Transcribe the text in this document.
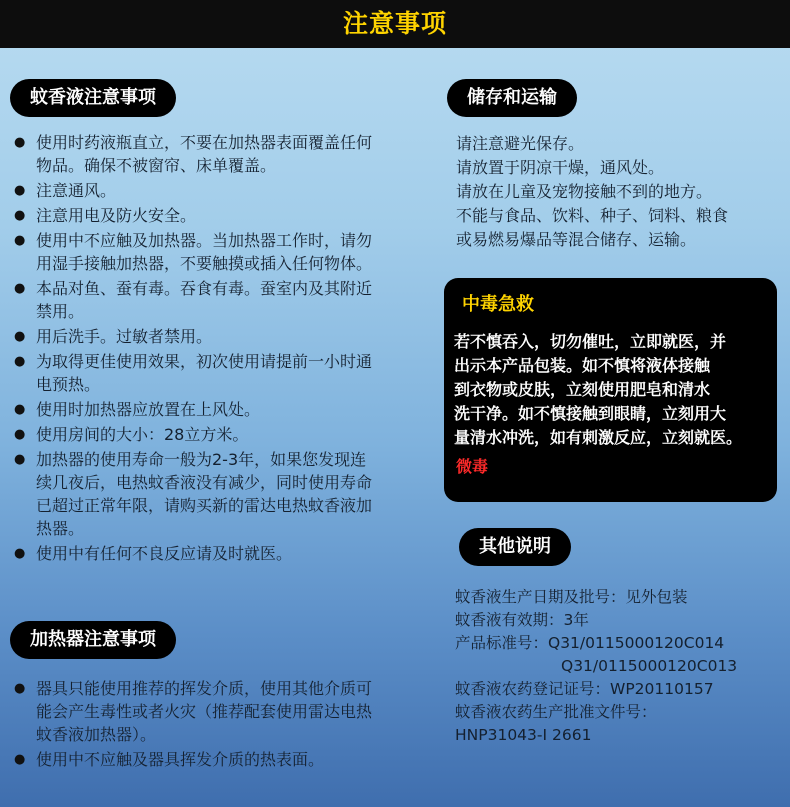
注意事项
蚊香液注意事项
● 使用时药液瓶直立，不要在加热器表面覆盖任何物品。确保不被窗帘、床单覆盖。
● 注意通风。
● 注意用电及防火安全。
● 使用中不应触及加热器。当加热器工作时，请勿用湿手接触加热器，不要触摸或插入任何物体。
● 本品对鱼、蚕有毒。吞食有毒。蚕室内及其附近禁用。
● 用后洗手。过敏者禁用。
● 为取得更佳使用效果，初次使用请提前一小时通电预热。
● 使用时加热器应放置在上风处。
● 使用房间的大小：28立方米。
● 加热器的使用寿命一般为2-3年，如果您发现连续几夜后，电热蚊香液没有减少，同时使用寿命已超过正常年限，请购买新的雷达电热蚊香液加热器。
● 使用中有任何不良反应请及时就医。
加热器注意事项
● 器具只能使用推荐的挥发介质，使用其他介质可能会产生毒性或者火灾（推荐配套使用雷达电热蚊香液加热器）。
● 使用中不应触及器具挥发介质的热表面。
储存和运输
请注意避光保存。
请放置于阴凉干燥，通风处。
请放在儿童及宠物接触不到的地方。
不能与食品、饮料、种子、饲料、粮食
或易燃易爆品等混合储存、运输。
中毒急救
若不慎吞入，切勿催吐，立即就医，并
出示本产品包装。如不慎将液体接触
到衣物或皮肤，立刻使用肥皂和清水
洗干净。如不慎接触到眼睛，立刻用大
量清水冲洗，如有刺激反应，立刻就医。
微毒
其他说明
蚊香液生产日期及批号：见外包装
蚊香液有效期：3年
产品标准号：Q31/0115000120C014
Q31/0115000120C013
蚊香液农药登记证号：WP20110157
蚊香液农药生产批准文件号：
HNP31043-I 2661
